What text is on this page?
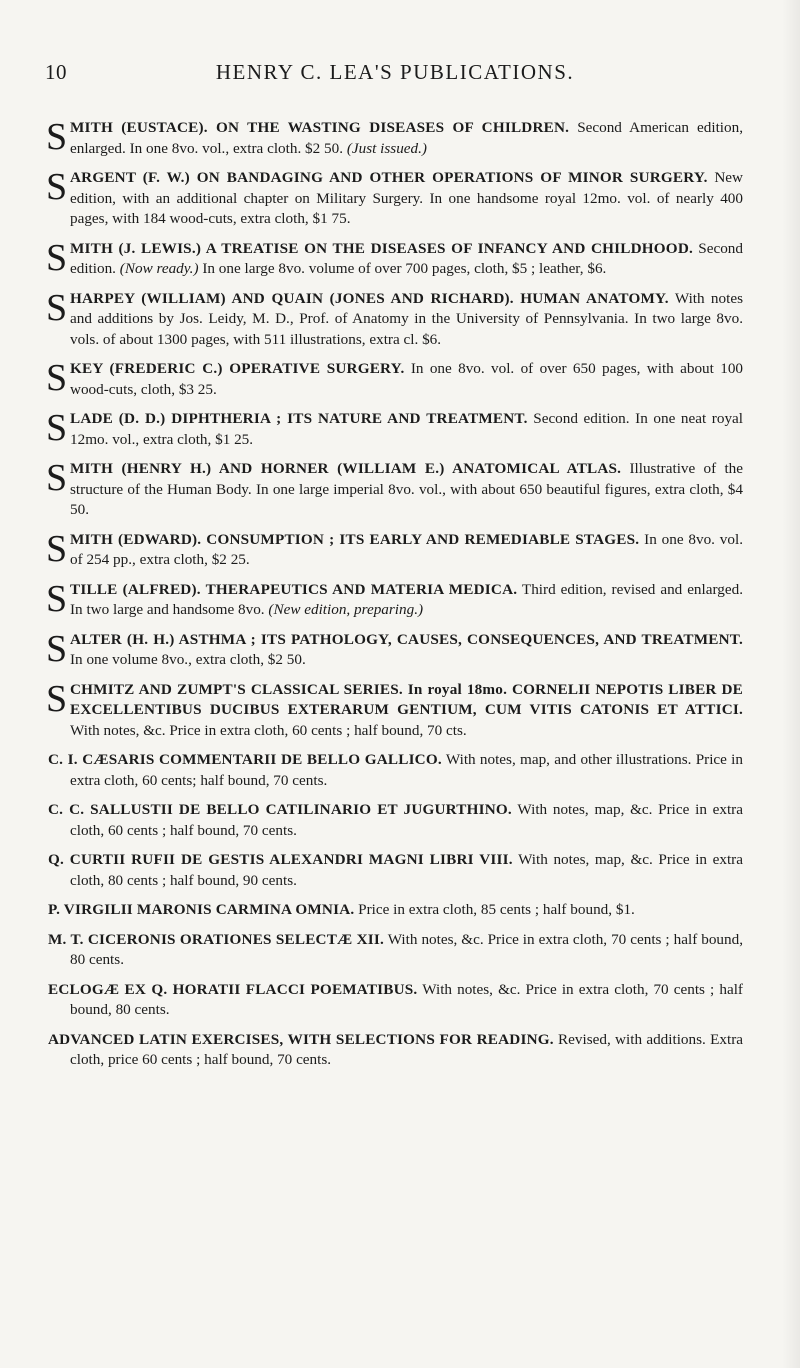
10	HENRY C. LEA'S PUBLICATIONS.

S MITH (EUSTACE). ON THE WASTING DISEASES OF CHILDREN. Second American edition, enlarged. In one 8vo. vol., extra cloth. $2 50. (Just issued.)

S ARGENT (F. W.) ON BANDAGING AND OTHER OPERATIONS OF MINOR SURGERY. New edition, with an additional chapter on Military Surgery. In one handsome royal 12mo. vol. of nearly 400 pages, with 184 wood-cuts, extra cloth, $1 75.

S MITH (J. LEWIS.) A TREATISE ON THE DISEASES OF INFANCY AND CHILDHOOD. Second edition. (Now ready.) In one large 8vo. volume of over 700 pages, cloth, $5 ; leather, $6.

S HARPEY (WILLIAM) AND QUAIN (JONES AND RICHARD). HUMAN ANATOMY. With notes and additions by Jos. Leidy, M. D., Prof. of Anatomy in the University of Pennsylvania. In two large 8vo. vols. of about 1300 pages, with 511 illustrations, extra cl. $6.

S KEY (FREDERIC C.) OPERATIVE SURGERY. In one 8vo. vol. of over 650 pages, with about 100 wood-cuts, cloth, $3 25.

S LADE (D. D.) DIPHTHERIA ; ITS NATURE AND TREATMENT. Second edition. In one neat royal 12mo. vol., extra cloth, $1 25.

S MITH (HENRY H.) AND HORNER (WILLIAM E.) ANATOMICAL ATLAS. Illustrative of the structure of the Human Body. In one large imperial 8vo. vol., with about 650 beautiful figures, extra cloth, $4 50.

S MITH (EDWARD). CONSUMPTION ; ITS EARLY AND REMEDIABLE STAGES. In one 8vo. vol. of 254 pp., extra cloth, $2 25.

S TILLE (ALFRED). THERAPEUTICS AND MATERIA MEDICA. Third edition, revised and enlarged. In two large and handsome 8vo. (New edition, preparing.)

S ALTER (H. H.) ASTHMA ; ITS PATHOLOGY, CAUSES, CONSEQUENCES, AND TREATMENT. In one volume 8vo., extra cloth, $2 50.

S CHMITZ AND ZUMPT'S CLASSICAL SERIES. In royal 18mo. CORNELII NEPOTIS LIBER DE EXCELLENTIBUS DUCIBUS EXTERARUM GENTIUM, CUM VITIS CATONIS ET ATTICI. With notes, &c. Price in extra cloth, 60 cents ; half bound, 70 cts.

C. I. CÆSARIS COMMENTARII DE BELLO GALLICO. With notes, map, and other illustrations. Price in extra cloth, 60 cents; half bound, 70 cents.

C. C. SALLUSTII DE BELLO CATILINARIO ET JUGURTHINO. With notes, map, &c. Price in extra cloth, 60 cents ; half bound, 70 cents.

Q. CURTII RUFII DE GESTIS ALEXANDRI MAGNI LIBRI VIII. With notes, map, &c. Price in extra cloth, 80 cents ; half bound, 90 cents.

P. VIRGILII MARONIS CARMINA OMNIA. Price in extra cloth, 85 cents ; half bound, $1.

M. T. CICERONIS ORATIONES SELECTÆ XII. With notes, &c. Price in extra cloth, 70 cents ; half bound, 80 cents.

ECLOGÆ EX Q. HORATII FLACCI POEMATIBUS. With notes, &c. Price in extra cloth, 70 cents ; half bound, 80 cents.

ADVANCED LATIN EXERCISES, WITH SELECTIONS FOR READING. Revised, with additions. Extra cloth, price 60 cents ; half bound, 70 cents.
